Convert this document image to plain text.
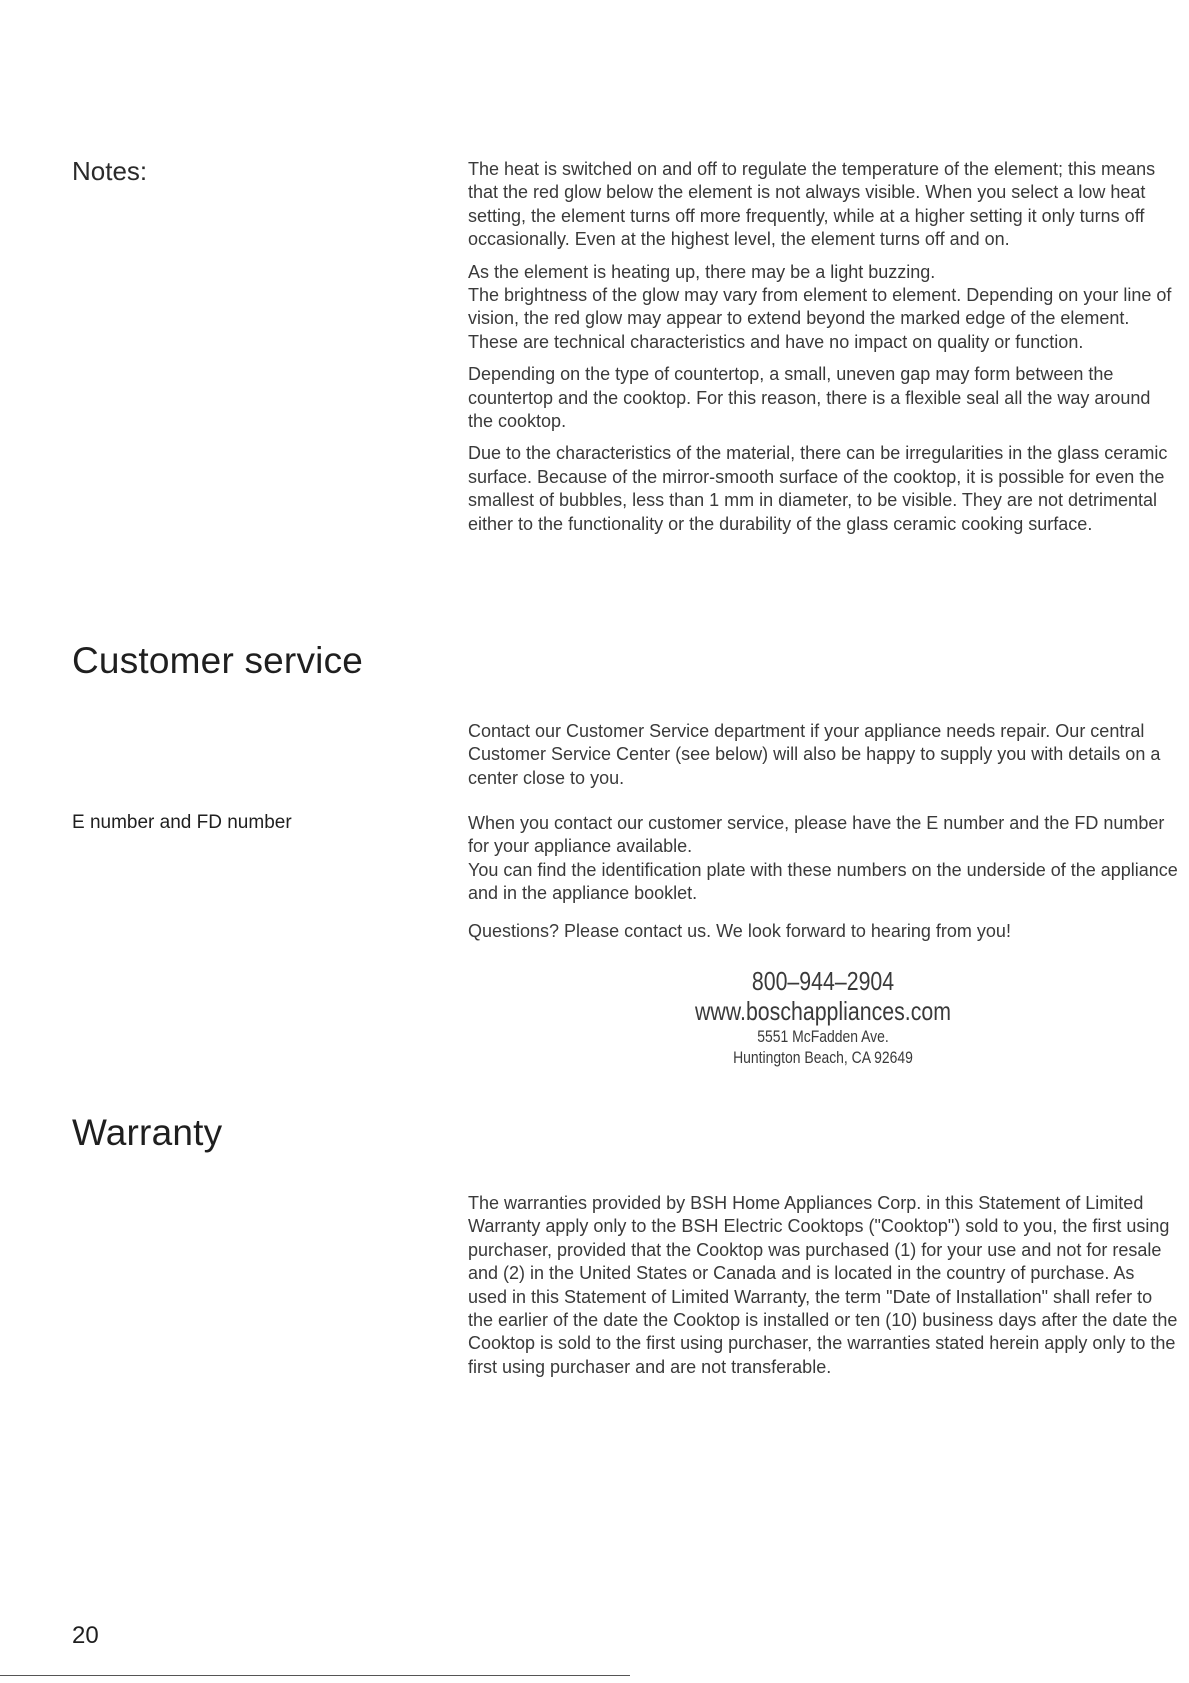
Notes:	The heat is switched on and off to regulate the temperature of the element; this means that the red glow below the element is not always visible. When you select a low heat setting, the element turns off more frequently, while at a higher setting it only turns off occasionally. Even at the highest level, the element turns off and on.

As the element is heating up, there may be a light buzzing.

The brightness of the glow may vary from element to element. Depending on your line of vision, the red glow may appear to extend beyond the marked edge of the element.

These are technical characteristics and have no impact on quality or function.

Depending on the type of countertop, a small, uneven gap may form between the countertop and the cooktop. For this reason, there is a flexible seal all the way around the cooktop.

Due to the characteristics of the material, there can be irregularities in the glass ceramic surface. Because of the mirror-smooth surface of the cooktop, it is possible for even the smallest of bubbles, less than 1 mm in diameter, to be visible. They are not detrimental either to the functionality or the durability of the glass ceramic cooking surface.

Customer service

Contact our Customer Service department if your appliance needs repair. Our central Customer Service Center (see below) will also be happy to supply you with details on a center close to you.

E number and FD number	When you contact our customer service, please have the E number and the FD number for your appliance available.

You can find the identification plate with these numbers on the underside of the appliance and in the appliance booklet.

Questions? Please contact us. We look forward to hearing from you!

800–944–2904
www.boschappliances.com
5551 McFadden Ave.
Huntington Beach, CA 92649
Warranty

The warranties provided by BSH Home Appliances Corp. in this Statement of Limited Warranty apply only to the BSH Electric Cooktops ("Cooktop") sold to you, the first using purchaser, provided that the Cooktop was purchased (1) for your use and not for resale and (2) in the United States or Canada and is located in the country of purchase. As used in this Statement of Limited Warranty, the term "Date of Installation" shall refer to the earlier of the date the Cooktop is installed or ten (10) business days after the date the Cooktop is sold to the first using purchaser, the warranties stated herein apply only to the first using purchaser and are not transferable.

20
